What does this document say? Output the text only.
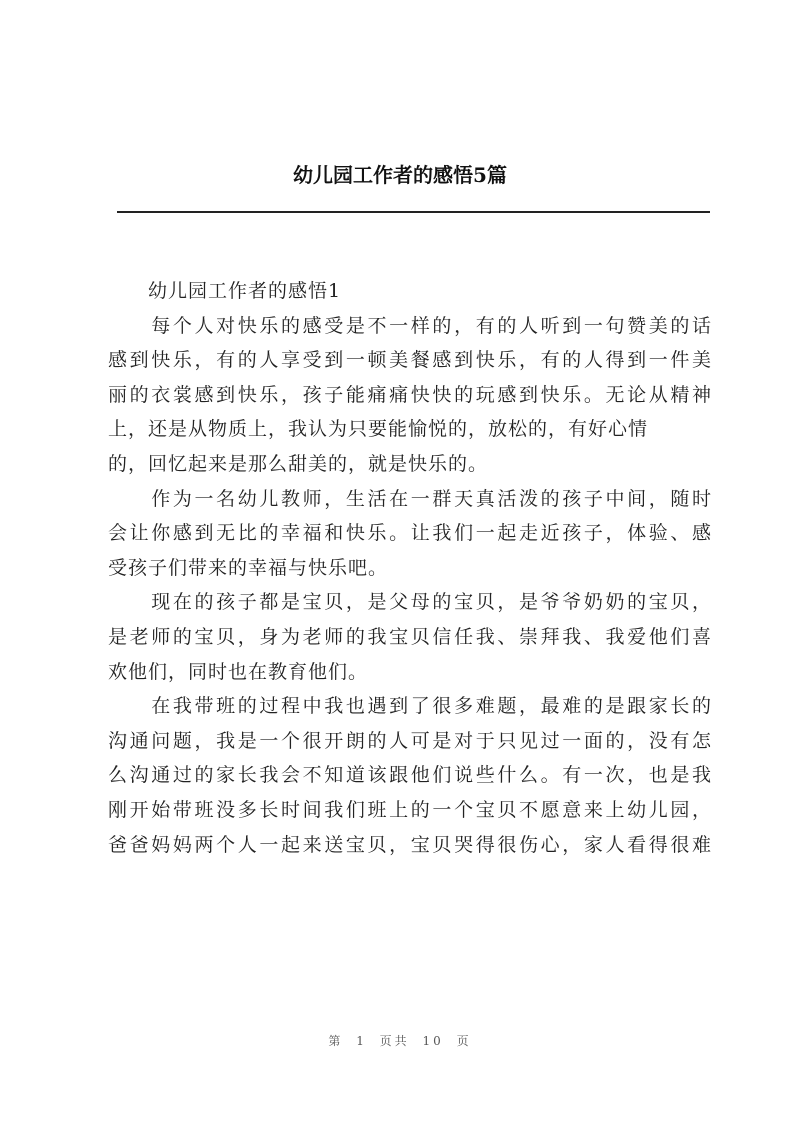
幼儿园工作者的感悟5篇
　　幼儿园工作者的感悟1
　　每个人对快乐的感受是不一样的，有的人听到一句赞美的话
感到快乐，有的人享受到一顿美餐感到快乐，有的人得到一件美
丽的衣裳感到快乐，孩子能痛痛快快的玩感到快乐。无论从精神
上，还是从物质上，我认为只要能愉悦的，放松的，有好心情
的，回忆起来是那么甜美的，就是快乐的。
　　作为一名幼儿教师，生活在一群天真活泼的孩子中间，随时
会让你感到无比的幸福和快乐。让我们一起走近孩子，体验、感
受孩子们带来的幸福与快乐吧。
　　现在的孩子都是宝贝，是父母的宝贝，是爷爷奶奶的宝贝，
是老师的宝贝，身为老师的我宝贝信任我、崇拜我、我爱他们喜
欢他们，同时也在教育他们。
　　在我带班的过程中我也遇到了很多难题，最难的是跟家长的
沟通问题，我是一个很开朗的人可是对于只见过一面的，没有怎
么沟通过的家长我会不知道该跟他们说些什么。有一次，也是我
刚开始带班没多长时间我们班上的一个宝贝不愿意来上幼儿园，
爸爸妈妈两个人一起来送宝贝，宝贝哭得很伤心，家人看得很难
第 1 页共 10 页
